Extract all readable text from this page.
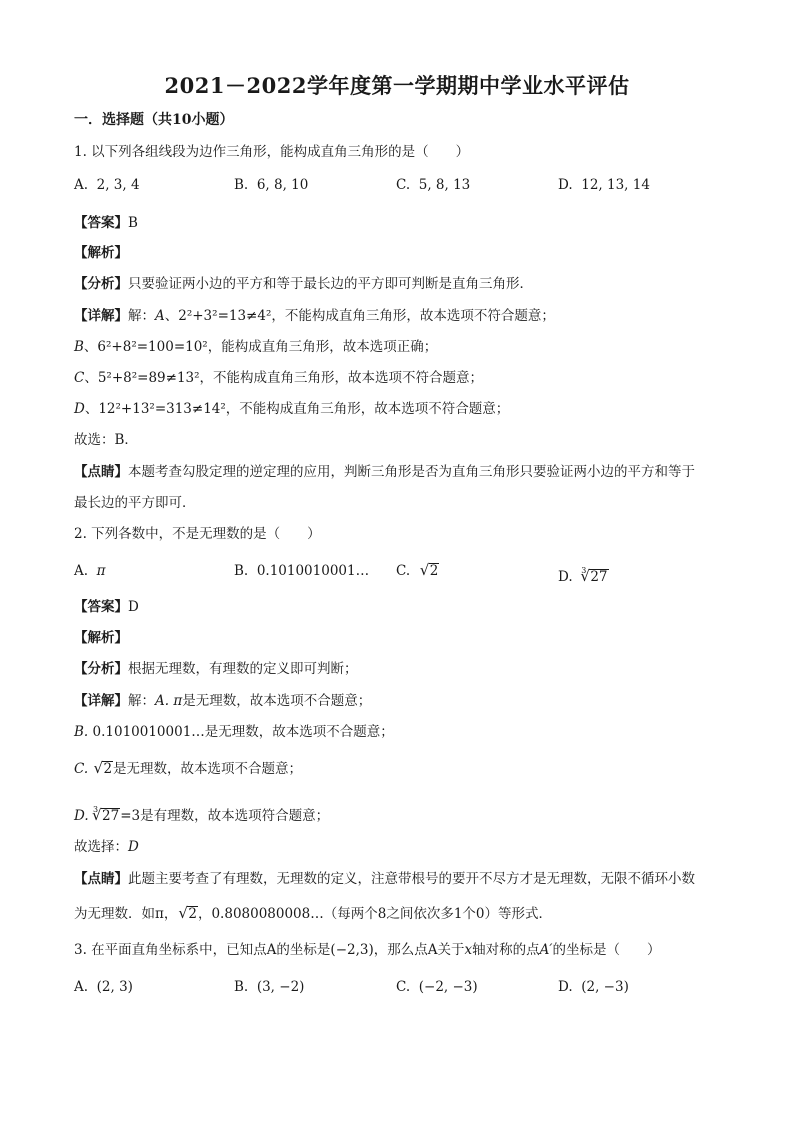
2021－2022学年度第一学期期中学业水平评估
一．选择题（共10小题）
1. 以下列各组线段为边作三角形，能构成直角三角形的是（　　）
A. 2, 3, 4	B. 6, 8, 10	C. 5, 8, 13	D. 12, 13, 14
【答案】B
【解析】
【分析】只要验证两小边的平方和等于最长边的平方即可判断是直角三角形．
【详解】解：A、2²+3²=13≠4²，不能构成直角三角形，故本选项不符合题意；
B、6²+8²=100=10²，能构成直角三角形，故本选项正确；
C、5²+8²=89≠13²，不能构成直角三角形，故本选项不符合题意；
D、12²+13²=313≠14²，不能构成直角三角形，故本选项不符合题意；
故选：B．
【点睛】本题考查勾股定理的逆定理的应用，判断三角形是否为直角三角形只要验证两小边的平方和等于
最长边的平方即可．
2. 下列各数中，不是无理数的是（　　）
A. π	B. 0.1010010001… C. √ 2	D. $^3$ √ 27
【答案】D
【解析】
【分析】根据无理数，有理数的定义即可判断；
【详解】解：A. π是无理数，故本选项不合题意；
B. 0.1010010001…是无理数，故本选项不合题意；
C. √ 2是无理数，故本选项不合题意；
D. $^3$ √ 27=3是有理数，故本选项符合题意；
故选择：D
【点睛】此题主要考查了有理数，无理数的定义，注意带根号的要开不尽方才是无理数，无限不循环小数
为无理数．如π， √ 2，0.8080080008…（每两个8之间依次多1个0）等形式．
3. 在平面直角坐标系中，已知点A的坐标是(−2,3)，那么点A关于x轴对称的点A′的坐标是（　　）
A. (2, 3)	B. (3, −2)	C. (−2, −3)	D. (2, −3)
